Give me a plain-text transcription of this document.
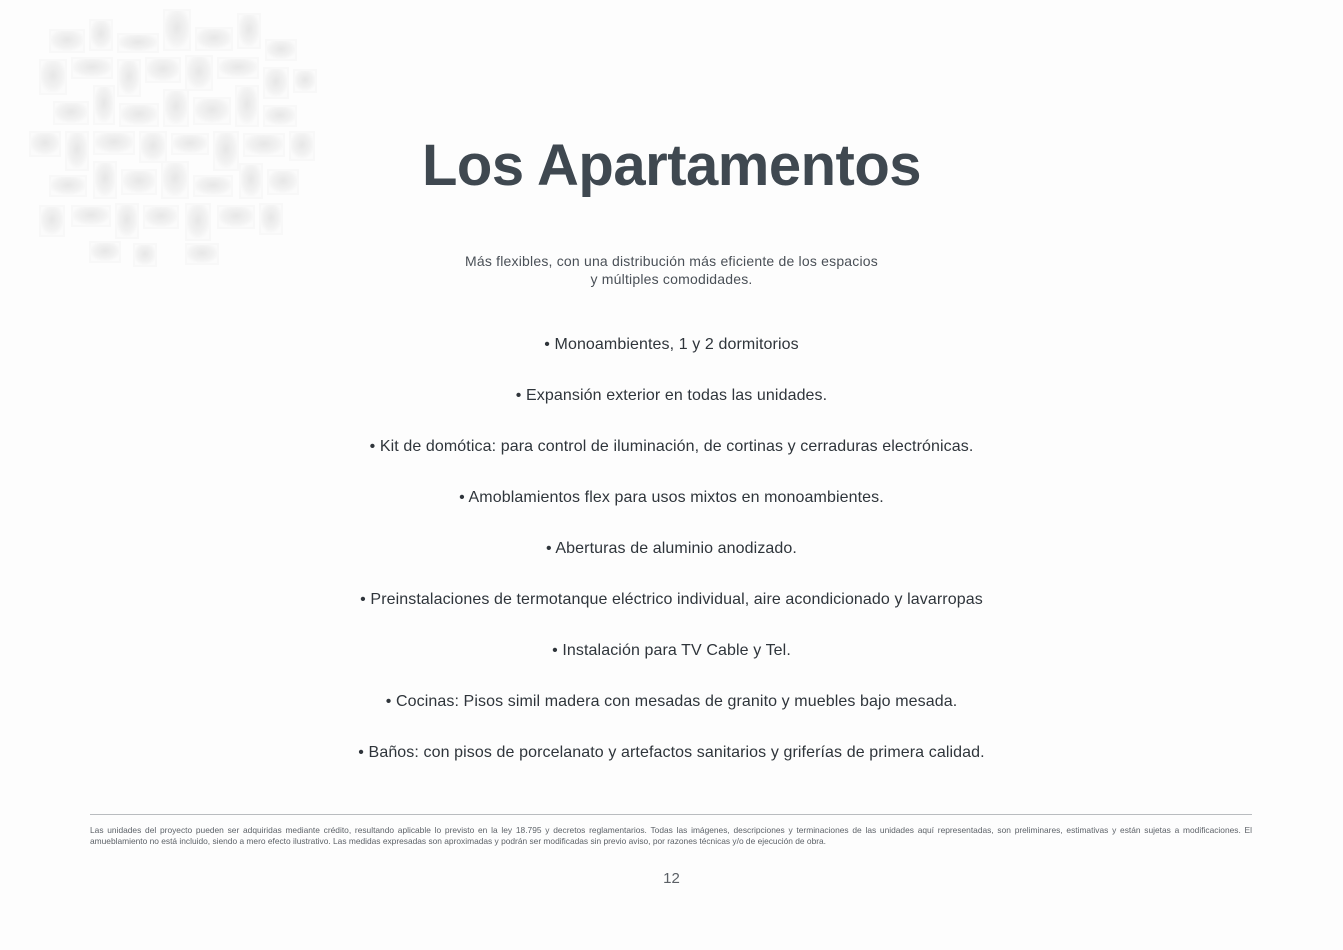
Los Apartamentos
Más flexibles, con una distribución más eficiente de los espacios
y múltiples comodidades.
• Monoambientes, 1 y 2 dormitorios
• Expansión exterior en todas las unidades.
• Kit de domótica: para control de iluminación, de cortinas y cerraduras electrónicas.
• Amoblamientos flex para usos mixtos en monoambientes.
• Aberturas de aluminio anodizado.
• Preinstalaciones de termotanque eléctrico individual, aire acondicionado y lavarropas
• Instalación para TV Cable y Tel.
• Cocinas: Pisos simil madera con mesadas de granito y muebles bajo mesada.
• Baños: con pisos de porcelanato y artefactos sanitarios y griferías de primera calidad.
Las unidades del proyecto pueden ser adquiridas mediante crédito, resultando aplicable lo previsto en la ley 18.795 y decretos reglamentarios. Todas las imágenes, descripciones y terminaciones de las unidades aquí representadas, son preliminares, estimativas y están sujetas a modificaciones. El amueblamiento no está incluido, siendo a mero efecto ilustrativo. Las medidas expresadas son aproximadas y podrán ser modificadas sin previo aviso, por razones técnicas y/o de ejecución de obra.
12
